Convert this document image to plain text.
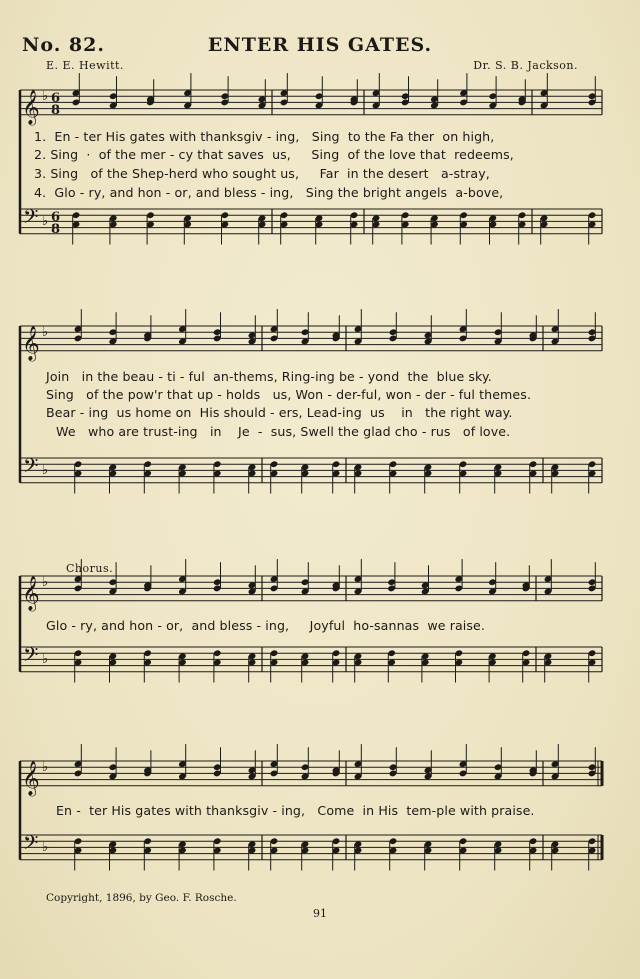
𝄞
𝄢
♭
♭
6
8
6
8
𝄞
𝄢
♭
♭
𝄞
𝄢
♭
♭
𝄞
𝄢
♭
♭
No. 82.	ENTER HIS GATES.
E. E. Hewitt.	Dr. S. B. Jackson.
1.  En - ter His gates with thanksgiv - ing,   Sing  to the Fa ther  on high,
2. Sing  ·  of the mer - cy that saves  us,     Sing  of the love that  redeems,
3. Sing   of the Shep-herd who sought us,     Far  in the desert   a-stray,
4.  Glo - ry, and hon - or, and bless - ing,   Sing the bright angels  a-bove,
Join   in the beau - ti - ful  an-thems, Ring-ing be - yond  the  blue sky.
Sing   of the pow'r that up - holds   us, Won - der-ful, won - der - ful themes.
Bear - ing  us home on  His should - ers, Lead-ing  us    in   the right way.
We   who are trust-ing   in    Je  -  sus, Swell the glad cho - rus   of love.
Chorus.
Glo - ry, and hon - or,  and bless - ing,     Joyful  ho-sannas  we raise.
En -  ter His gates with thanksgiv - ing,   Come  in His  tem-ple with praise.
Copyright, 1896, by Geo. F. Rosche.
91
